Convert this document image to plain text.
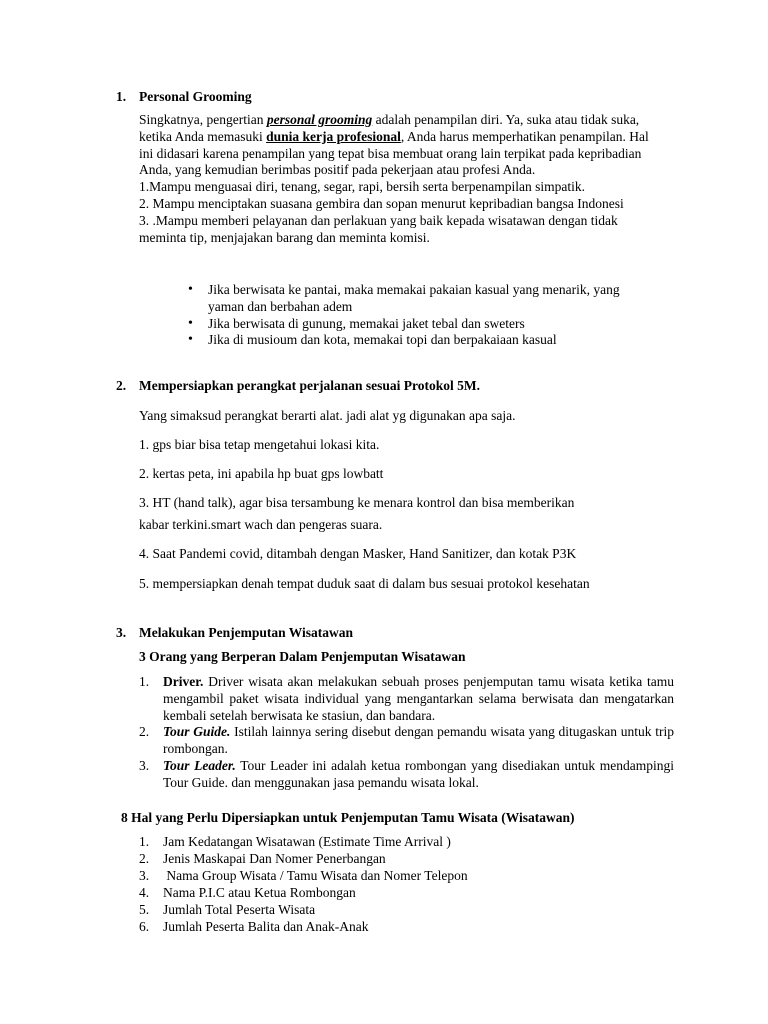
1. Personal Grooming

Singkatnya, pengertian personal grooming adalah penampilan diri. Ya, suka atau tidak suka, ketika Anda memasuki dunia kerja profesional, Anda harus memperhatikan penampilan. Hal ini didasari karena penampilan yang tepat bisa membuat orang lain terpikat pada kepribadian Anda, yang kemudian berimbas positif pada pekerjaan atau profesi Anda.

1.Mampu menguasai diri, tenang, segar, rapi, bersih serta berpenampilan simpatik.

2. Mampu menciptakan suasana gembira dan sopan menurut kepribadian bangsa Indonesi

3. .Mampu memberi pelayanan dan perlakuan yang baik kepada wisatawan dengan tidak meminta tip, menjajakan barang dan meminta komisi.

• Jika berwisata ke pantai, maka memakai pakaian kasual yang menarik, yang yaman dan berbahan adem
• Jika berwisata di gunung, memakai jaket tebal dan sweters
• Jika di musioum dan kota, memakai topi dan berpakaiaan kasual
2. Mempersiapkan perangkat perjalanan sesuai Protokol 5M.
Yang simaksud perangkat berarti alat. jadi alat yg digunakan apa saja.
1. gps biar bisa tetap mengetahui lokasi kita.
2. kertas peta, ini apabila hp buat gps lowbatt
3. HT (hand talk), agar bisa tersambung ke menara kontrol dan bisa memberikan
kabar terkini.smart wach dan pengeras suara.
4. Saat Pandemi covid, ditambah dengan Masker, Hand Sanitizer, dan kotak P3K
5. mempersiapkan denah tempat duduk saat di dalam bus sesuai protokol kesehatan
3. Melakukan Penjemputan Wisatawan
3 Orang yang Berperan Dalam Penjemputan Wisatawan
1. Driver. Driver wisata akan melakukan sebuah proses penjemputan tamu wisata ketika tamu mengambil paket wisata individual yang mengantarkan selama berwisata dan mengatarkan kembali setelah berwisata ke stasiun, dan bandara.
2. Tour Guide. Istilah lainnya sering disebut dengan pemandu wisata yang ditugaskan untuk trip rombongan.
3. Tour Leader. Tour Leader ini adalah ketua rombongan yang disediakan untuk mendampingi Tour Guide. dan menggunakan jasa pemandu wisata lokal.
8 Hal yang Perlu Dipersiapkan untuk Penjemputan Tamu Wisata (Wisatawan)
1. Jam Kedatangan Wisatawan (Estimate Time Arrival )
2. Jenis Maskapai Dan Nomer Penerbangan
3. Nama Group Wisata / Tamu Wisata dan Nomer Telepon
4. Nama P.I.C atau Ketua Rombongan
5. Jumlah Total Peserta Wisata
6. Jumlah Peserta Balita dan Anak-Anak
